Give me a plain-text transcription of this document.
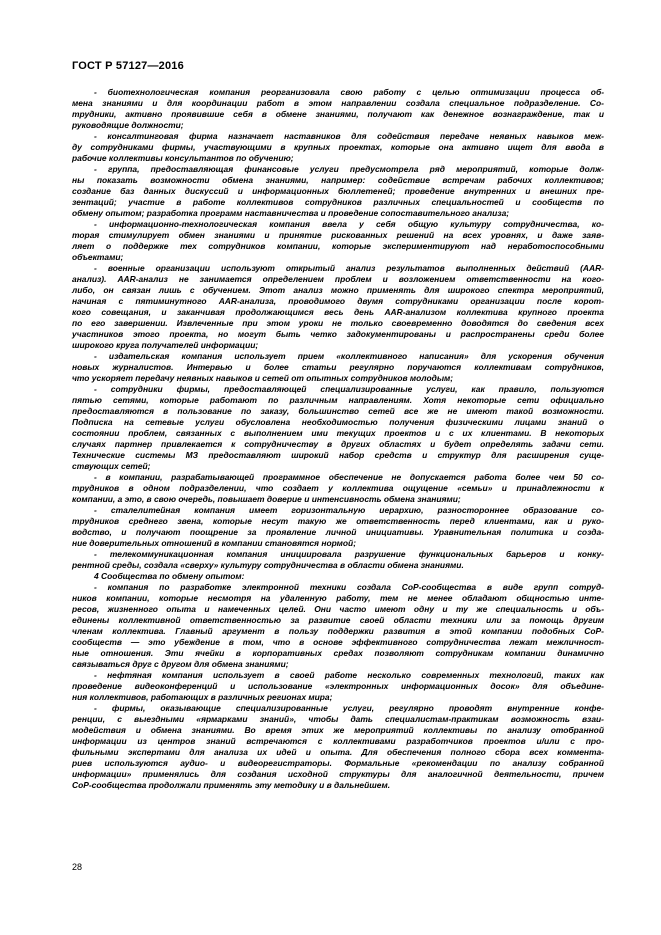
ГОСТ Р 57127—2016
- биотехнологическая компания реорганизовала свою работу с целью оптимизации процесса об-
мена знаниями и для координации работ в этом направлении создала специальное подразделение. Со-
трудники, активно проявившие себя в обмене знаниями, получают как денежное вознаграждение, так и
руководящие должности;
- консалтинговая фирма назначает наставников для содействия передаче неявных навыков меж-
ду сотрудниками фирмы, участвующими в крупных проектах, которые она активно ищет для ввода в
рабочие коллективы консультантов по обучению;
- группа, предоставляющая финансовые услуги предусмотрела ряд мероприятий, которые долж-
ны показать возможности обмена знаниями, например: содействие встречам рабочих коллективов;
создание баз данных дискуссий и информационных бюллетеней; проведение внутренних и внешних пре-
зентаций; участие в работе коллективов сотрудников различных специальностей и сообществ по
обмену опытом; разработка программ наставничества и проведение сопоставительного анализа;
- информационно-технологическая компания ввела у себя общую культуру сотрудничества, ко-
торая стимулирует обмен знаниями и принятие рискованных решений на всех уровнях, и даже заяв-
ляет о поддержке тех сотрудников компании, которые экспериментируют над неработоспособными
объектами;
- военные организации используют открытый анализ результатов выполненных действий (AAR-
анализ). AAR-анализ не занимается определением проблем и возложением ответственности на кого-
либо, он связан лишь с обучением. Этот анализ можно применять для широкого спектра мероприятий,
начиная с пятиминутного AAR-анализа, проводимого двумя сотрудниками организации после корот-
кого совещания, и заканчивая продолжающимся весь день AAR-анализом коллектива крупного проекта
по его завершении. Извлеченные при этом уроки не только своевременно доводятся до сведения всех
участников этого проекта, но могут быть четко задокументированы и распространены среди более
широкого круга получателей информации;
- издательская компания использует прием «коллективного написания» для ускорения обучения
новых журналистов. Интервью и более статьи регулярно поручаются коллективам сотрудников,
что ускоряет передачу неявных навыков и сетей от опытных сотрудников молодым;
- сотрудники фирмы, предоставляющей специализированные услуги, как правило, пользуются
пятью сетями, которые работают по различным направлениям. Хотя некоторые сети официально
предоставляются в пользование по заказу, большинство сетей все же не имеют такой возможности.
Подписка на сетевые услуги обусловлена необходимостью получения физическими лицами знаний о
состоянии проблем, связанных с выполнением ими текущих проектов и с их клиентами. В некоторых
случаях партнер привлекается к сотрудничеству в других областях и будет определять задачи сети.
Технические системы МЗ предоставляют широкий набор средств и структур для расширения суще-
ствующих сетей;
- в компании, разрабатывающей программное обеспечение не допускается работа более чем 50 со-
трудников в одном подразделении, что создает у коллектива ощущение «семьи» и принадлежности к
компании, а это, в свою очередь, повышает доверие и интенсивность обмена знаниями;
- сталелитейная компания имеет горизонтальную иерархию, разностороннее образование со-
трудников среднего звена, которые несут такую же ответственность перед клиентами, как и руко-
водство, и получают поощрение за проявление личной инициативы. Уравнительная политика и созда-
ние доверительных отношений в компании становятся нормой;
- телекоммуникационная компания инициировала разрушение функциональных барьеров и конку-
рентной среды, создала «сверху» культуру сотрудничества в области обмена знаниями.
4 Сообщества по обмену опытом:
- компания по разработке электронной техники создала CoP-сообщества в виде групп сотруд-
ников компании, которые несмотря на удаленную работу, тем не менее обладают общностью инте-
ресов, жизненного опыта и намеченных целей. Они часто имеют одну и ту же специальность и объ-
единены коллективной ответственностью за развитие своей области техники или за помощь другим
членам коллектива. Главный аргумент в пользу поддержки развития в этой компании подобных CoP-
сообществ — это убеждение в том, что в основе эффективного сотрудничества лежат межличност-
ные отношения. Эти ячейки в корпоративных средах позволяют сотрудникам компании динамично
связываться друг с другом для обмена знаниями;
- нефтяная компания использует в своей работе несколько современных технологий, таких как
проведение видеоконференций и использование «электронных информационных досок» для объедине-
ния коллективов, работающих в различных регионах мира;
- фирмы, оказывающие специализированные услуги, регулярно проводят внутренние конфе-
ренции, с выездными «ярмарками знаний», чтобы дать специалистам-практикам возможность взаи-
модействия и обмена знаниями. Во время этих же мероприятий коллективы по анализу отобранной
информации из центров знаний встречаются с коллективами разработчиков проектов и/или с про-
фильными экспертами для анализа их идей и опыта. Для обеспечения полного сбора всех коммента-
риев используются аудио- и видеорегистраторы. Формальные «рекомендации по анализу собранной
информации» применялись для создания исходной структуры для аналогичной деятельности, причем
CoP-сообщества продолжали применять эту методику и в дальнейшем.
28
